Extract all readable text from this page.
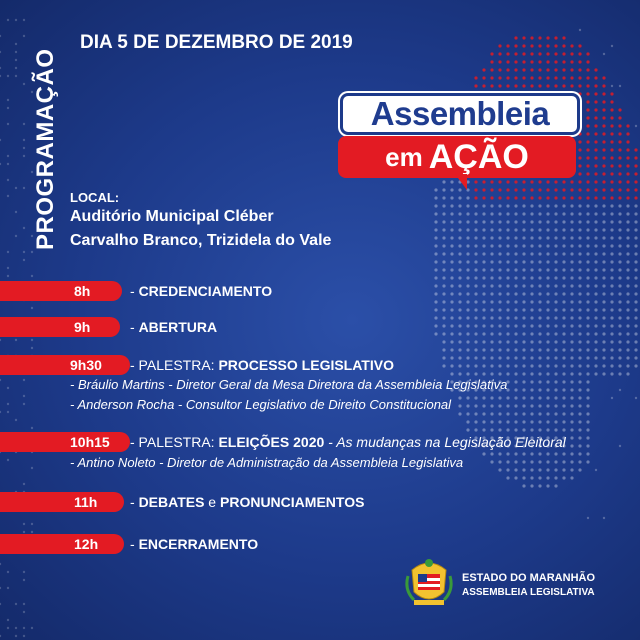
PROGRAMAÇÃO
DIA 5 DE DEZEMBRO DE 2019
Assembleia
em AÇÃO
LOCAL:
Auditório Municipal Cléber
Carvalho Branco, Trizidela do Vale
8h	- CREDENCIAMENTO
9h	- ABERTURA
9h30 - PALESTRA: PROCESSO LEGISLATIVO
- Bráulio Martins - Diretor Geral da Mesa Diretora da Assembleia Legislativa
- Anderson Rocha - Consultor Legislativo de Direito Constitucional
10h15 - PALESTRA: ELEIÇÕES 2020 - As mudanças na Legislação Eleitoral
- Antino Noleto - Diretor de Administração da Assembleia Legislativa
11h - DEBATES e PRONUNCIAMENTOS
12h - ENCERRAMENTO
ESTADO DO MARANHÃO
ASSEMBLEIA LEGISLATIVA
